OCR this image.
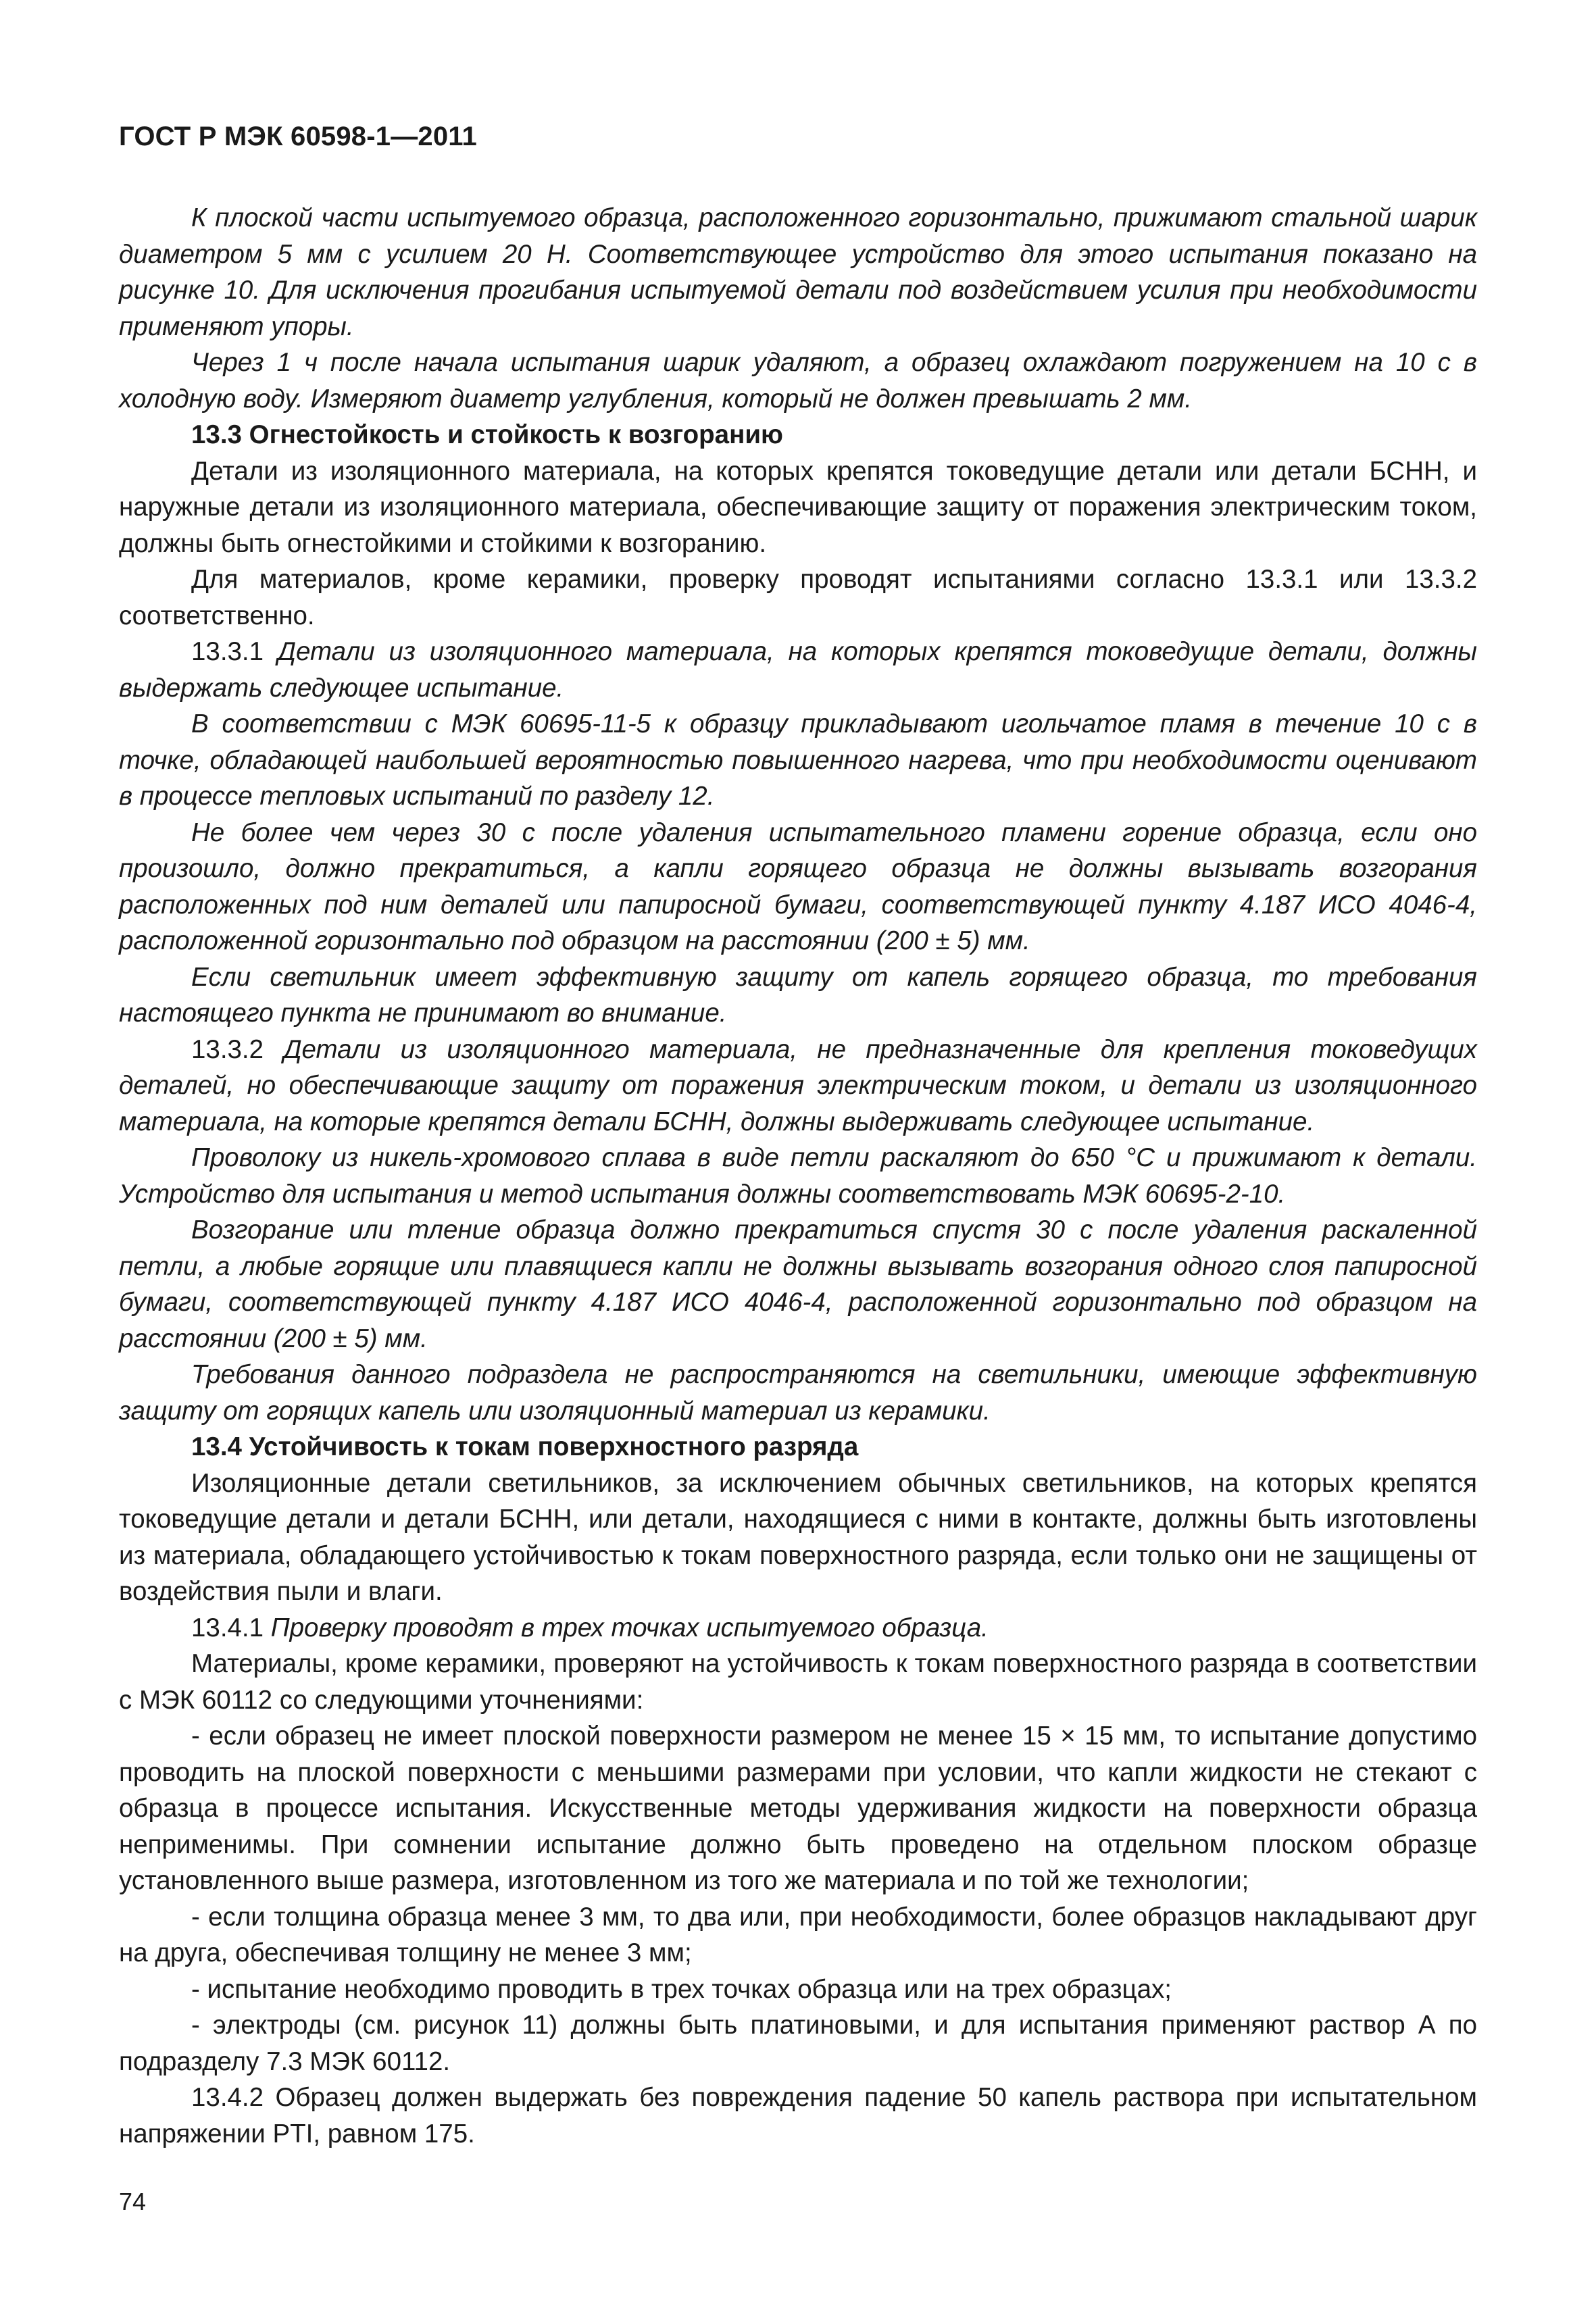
ГОСТ Р МЭК 60598-1—2011

К плоской части испытуемого образца, расположенного горизонтально, прижимают стальной шарик диаметром 5 мм с усилием 20 Н. Соответствующее устройство для этого испытания показано на рисунке 10. Для исключения прогибания испытуемой детали под воздействием усилия при необходимости применяют упоры.

Через 1 ч после начала испытания шарик удаляют, а образец охлаждают погружением на 10 с в холодную воду. Измеряют диаметр углубления, который не должен превышать 2 мм.

13.3 Огнестойкость и стойкость к возгоранию

Детали из изоляционного материала, на которых крепятся токоведущие детали или детали БСНН, и наружные детали из изоляционного материала, обеспечивающие защиту от поражения электрическим током, должны быть огнестойкими и стойкими к возгоранию.

Для материалов, кроме керамики, проверку проводят испытаниями согласно 13.3.1 или 13.3.2 соответственно.

13.3.1 Детали из изоляционного материала, на которых крепятся токоведущие детали, должны выдержать следующее испытание.

В соответствии с МЭК 60695-11-5 к образцу прикладывают игольчатое пламя в течение 10 с в точке, обладающей наибольшей вероятностью повышенного нагрева, что при необходимости оценивают в процессе тепловых испытаний по разделу 12.

Не более чем через 30 с после удаления испытательного пламени горение образца, если оно произошло, должно прекратиться, а капли горящего образца не должны вызывать возгорания расположенных под ним деталей или папиросной бумаги, соответствующей пункту 4.187 ИСО 4046-4, расположенной горизонтально под образцом на расстоянии (200 ± 5) мм.

Если светильник имеет эффективную защиту от капель горящего образца, то требования настоящего пункта не принимают во внимание.

13.3.2 Детали из изоляционного материала, не предназначенные для крепления токоведущих деталей, но обеспечивающие защиту от поражения электрическим током, и детали из изоляционного материала, на которые крепятся детали БСНН, должны выдерживать следующее испытание.

Проволоку из никель-хромового сплава в виде петли раскаляют до 650 °С и прижимают к детали. Устройство для испытания и метод испытания должны соответствовать МЭК 60695-2-10.

Возгорание или тление образца должно прекратиться спустя 30 с после удаления раскаленной петли, а любые горящие или плавящиеся капли не должны вызывать возгорания одного слоя папиросной бумаги, соответствующей пункту 4.187 ИСО 4046-4, расположенной горизонтально под образцом на расстоянии (200 ± 5) мм.

Требования данного подраздела не распространяются на светильники, имеющие эффективную защиту от горящих капель или изоляционный материал из керамики.

13.4 Устойчивость к токам поверхностного разряда

Изоляционные детали светильников, за исключением обычных светильников, на которых крепятся токоведущие детали и детали БСНН, или детали, находящиеся с ними в контакте, должны быть изготовлены из материала, обладающего устойчивостью к токам поверхностного разряда, если только они не защищены от воздействия пыли и влаги.

13.4.1 Проверку проводят в трех точках испытуемого образца.

Материалы, кроме керамики, проверяют на устойчивость к токам поверхностного разряда в соответствии с МЭК 60112 со следующими уточнениями:

- если образец не имеет плоской поверхности размером не менее 15 × 15 мм, то испытание допустимо проводить на плоской поверхности с меньшими размерами при условии, что капли жидкости не стекают с образца в процессе испытания. Искусственные методы удерживания жидкости на поверхности образца неприменимы. При сомнении испытание должно быть проведено на отдельном плоском образце установленного выше размера, изготовленном из того же материала и по той же технологии;

- если толщина образца менее 3 мм, то два или, при необходимости, более образцов накладывают друг на друга, обеспечивая толщину не менее 3 мм;

- испытание необходимо проводить в трех точках образца или на трех образцах;

- электроды (см. рисунок 11) должны быть платиновыми, и для испытания применяют раствор А по подразделу 7.3 МЭК 60112.

13.4.2 Образец должен выдержать без повреждения падение 50 капель раствора при испытательном напряжении PTI, равном 175.

74
